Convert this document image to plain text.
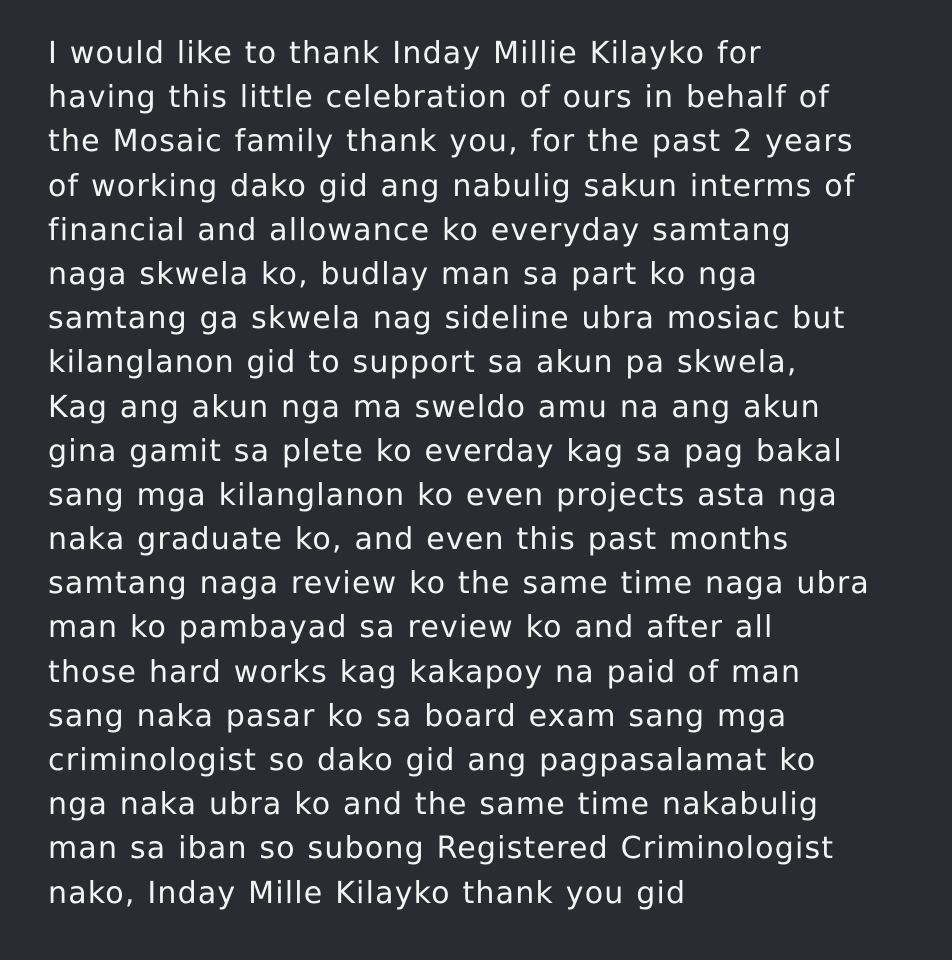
I would like to thank Inday Millie Kilayko for
having this little celebration of ours in behalf of
the Mosaic family thank you, for the past 2 years
of working dako gid ang nabulig sakun interms of
financial and allowance ko everyday samtang
naga skwela ko, budlay man sa part ko nga
samtang ga skwela nag sideline ubra mosiac but
kilanglanon gid to support sa akun pa skwela,
Kag ang akun nga ma sweldo amu na ang akun
gina gamit sa plete ko everday kag sa pag bakal
sang mga kilanglanon ko even projects asta nga
naka graduate ko, and even this past months
samtang naga review ko the same time naga ubra
man ko pambayad sa review ko and after all
those hard works kag kakapoy na paid of man
sang naka pasar ko sa board exam sang mga
criminologist so dako gid ang pagpasalamat ko
nga naka ubra ko and the same time nakabulig
man sa iban so subong Registered Criminologist
nako, Inday Mille Kilayko thank you gid
